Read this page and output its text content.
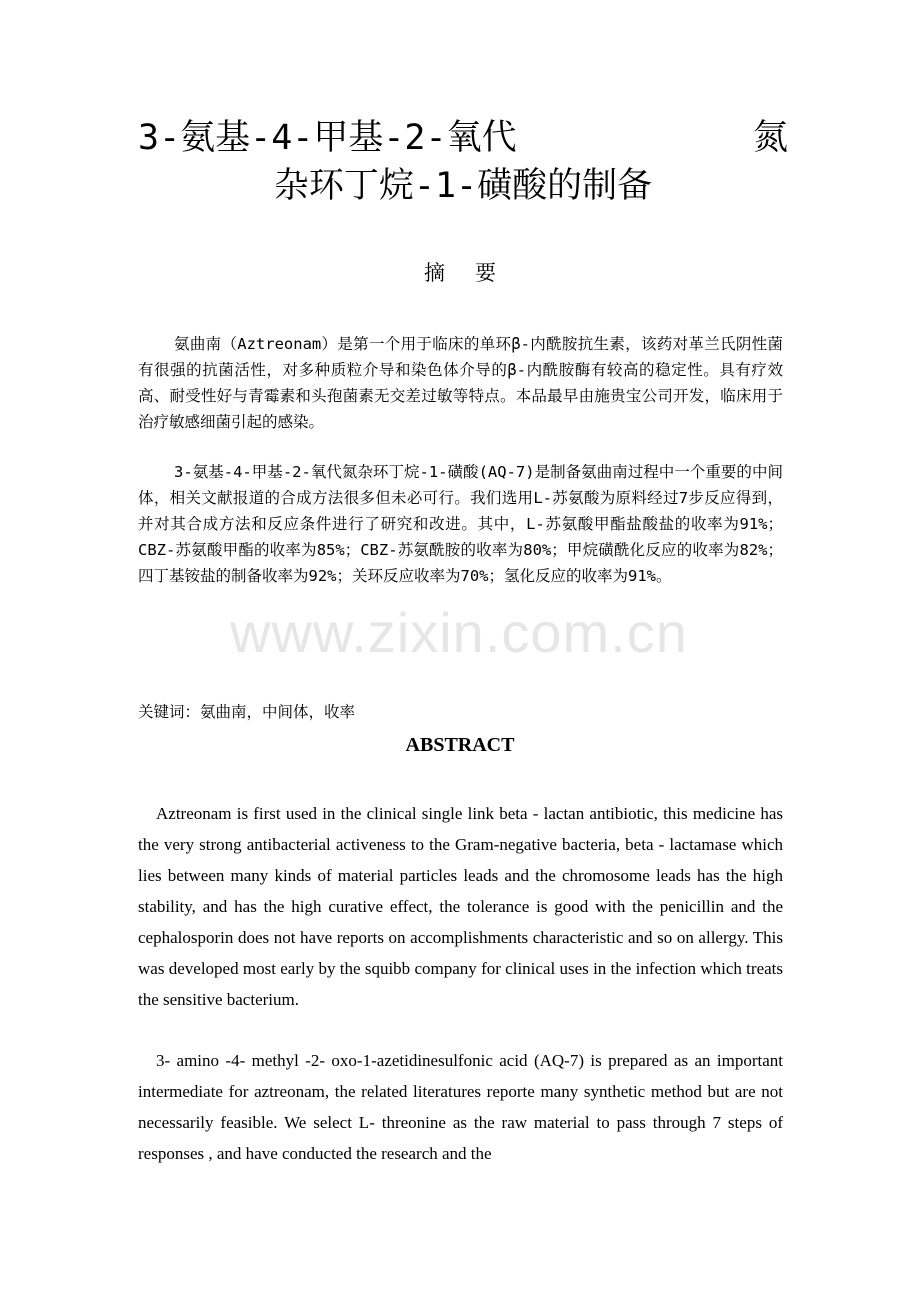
3-氨基-4-甲基-2-氧代	氮
杂环丁烷-1-磺酸的制备
摘要

氨曲南（Aztreonam）是第一个用于临床的单环β-内酰胺抗生素，该药对革兰氏阴性菌有很强的抗菌活性，对多种质粒介导和染色体介导的β-内酰胺酶有较高的稳定性。具有疗效高、耐受性好与青霉素和头孢菌素无交差过敏等特点。本品最早由施贵宝公司开发，临床用于治疗敏感细菌引起的感染。

3-氨基-4-甲基-2-氧代氮杂环丁烷-1-磺酸(AQ-7)是制备氨曲南过程中一个重要的中间体，相关文献报道的合成方法很多但未必可行。我们选用L-苏氨酸为原料经过7步反应得到，并对其合成方法和反应条件进行了研究和改进。其中，L-苏氨酸甲酯盐酸盐的收率为91%；CBZ-苏氨酸甲酯的收率为85%；CBZ-苏氨酰胺的收率为80%；甲烷磺酰化反应的收率为82%；四丁基铵盐的制备收率为92%；关环反应收率为70%；氢化反应的收率为91%。

www.zixin.com.cn
关键词：氨曲南，中间体，收率
ABSTRACT

Aztreonam is first used in the clinical single link beta - lactan antibiotic, this medicine has the very strong antibacterial activeness to the Gram-negative bacteria, beta - lactamase which lies between many kinds of material particles leads and the chromosome leads has the high stability, and has the high curative effect, the tolerance is good with the penicillin and the cephalosporin does not have reports on accomplishments characteristic and so on allergy. This was developed most early by the squibb company for clinical uses in the infection which treats the sensitive bacterium.

3- amino -4- methyl -2- oxo-1-azetidinesulfonic acid (AQ-7) is prepared as an important intermediate for aztreonam, the related literatures reporte many synthetic method but are not necessarily feasible. We select L- threonine as the raw material to pass through 7 steps of responses , and have conducted the research and the
